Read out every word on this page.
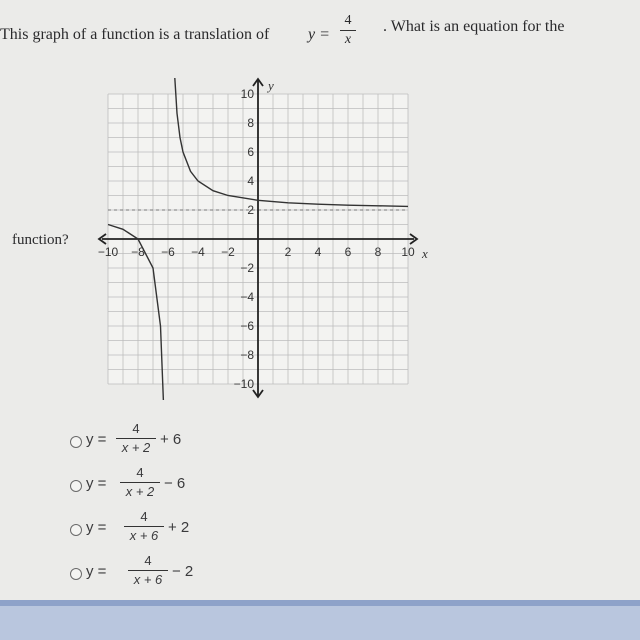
This graph of a function is a translation of y =
4
x
. What is an equation for the
function?
−10 −8 −6 −4 −2	2 4 6 8 10
10
8
6
4
2
−2
−4
−6
−8
−10
x
y
y =
4
x + 2 + 6
y =
4
x + 2 − 6
y =
4
x + 6 + 2
y =
4
x + 6 − 2
